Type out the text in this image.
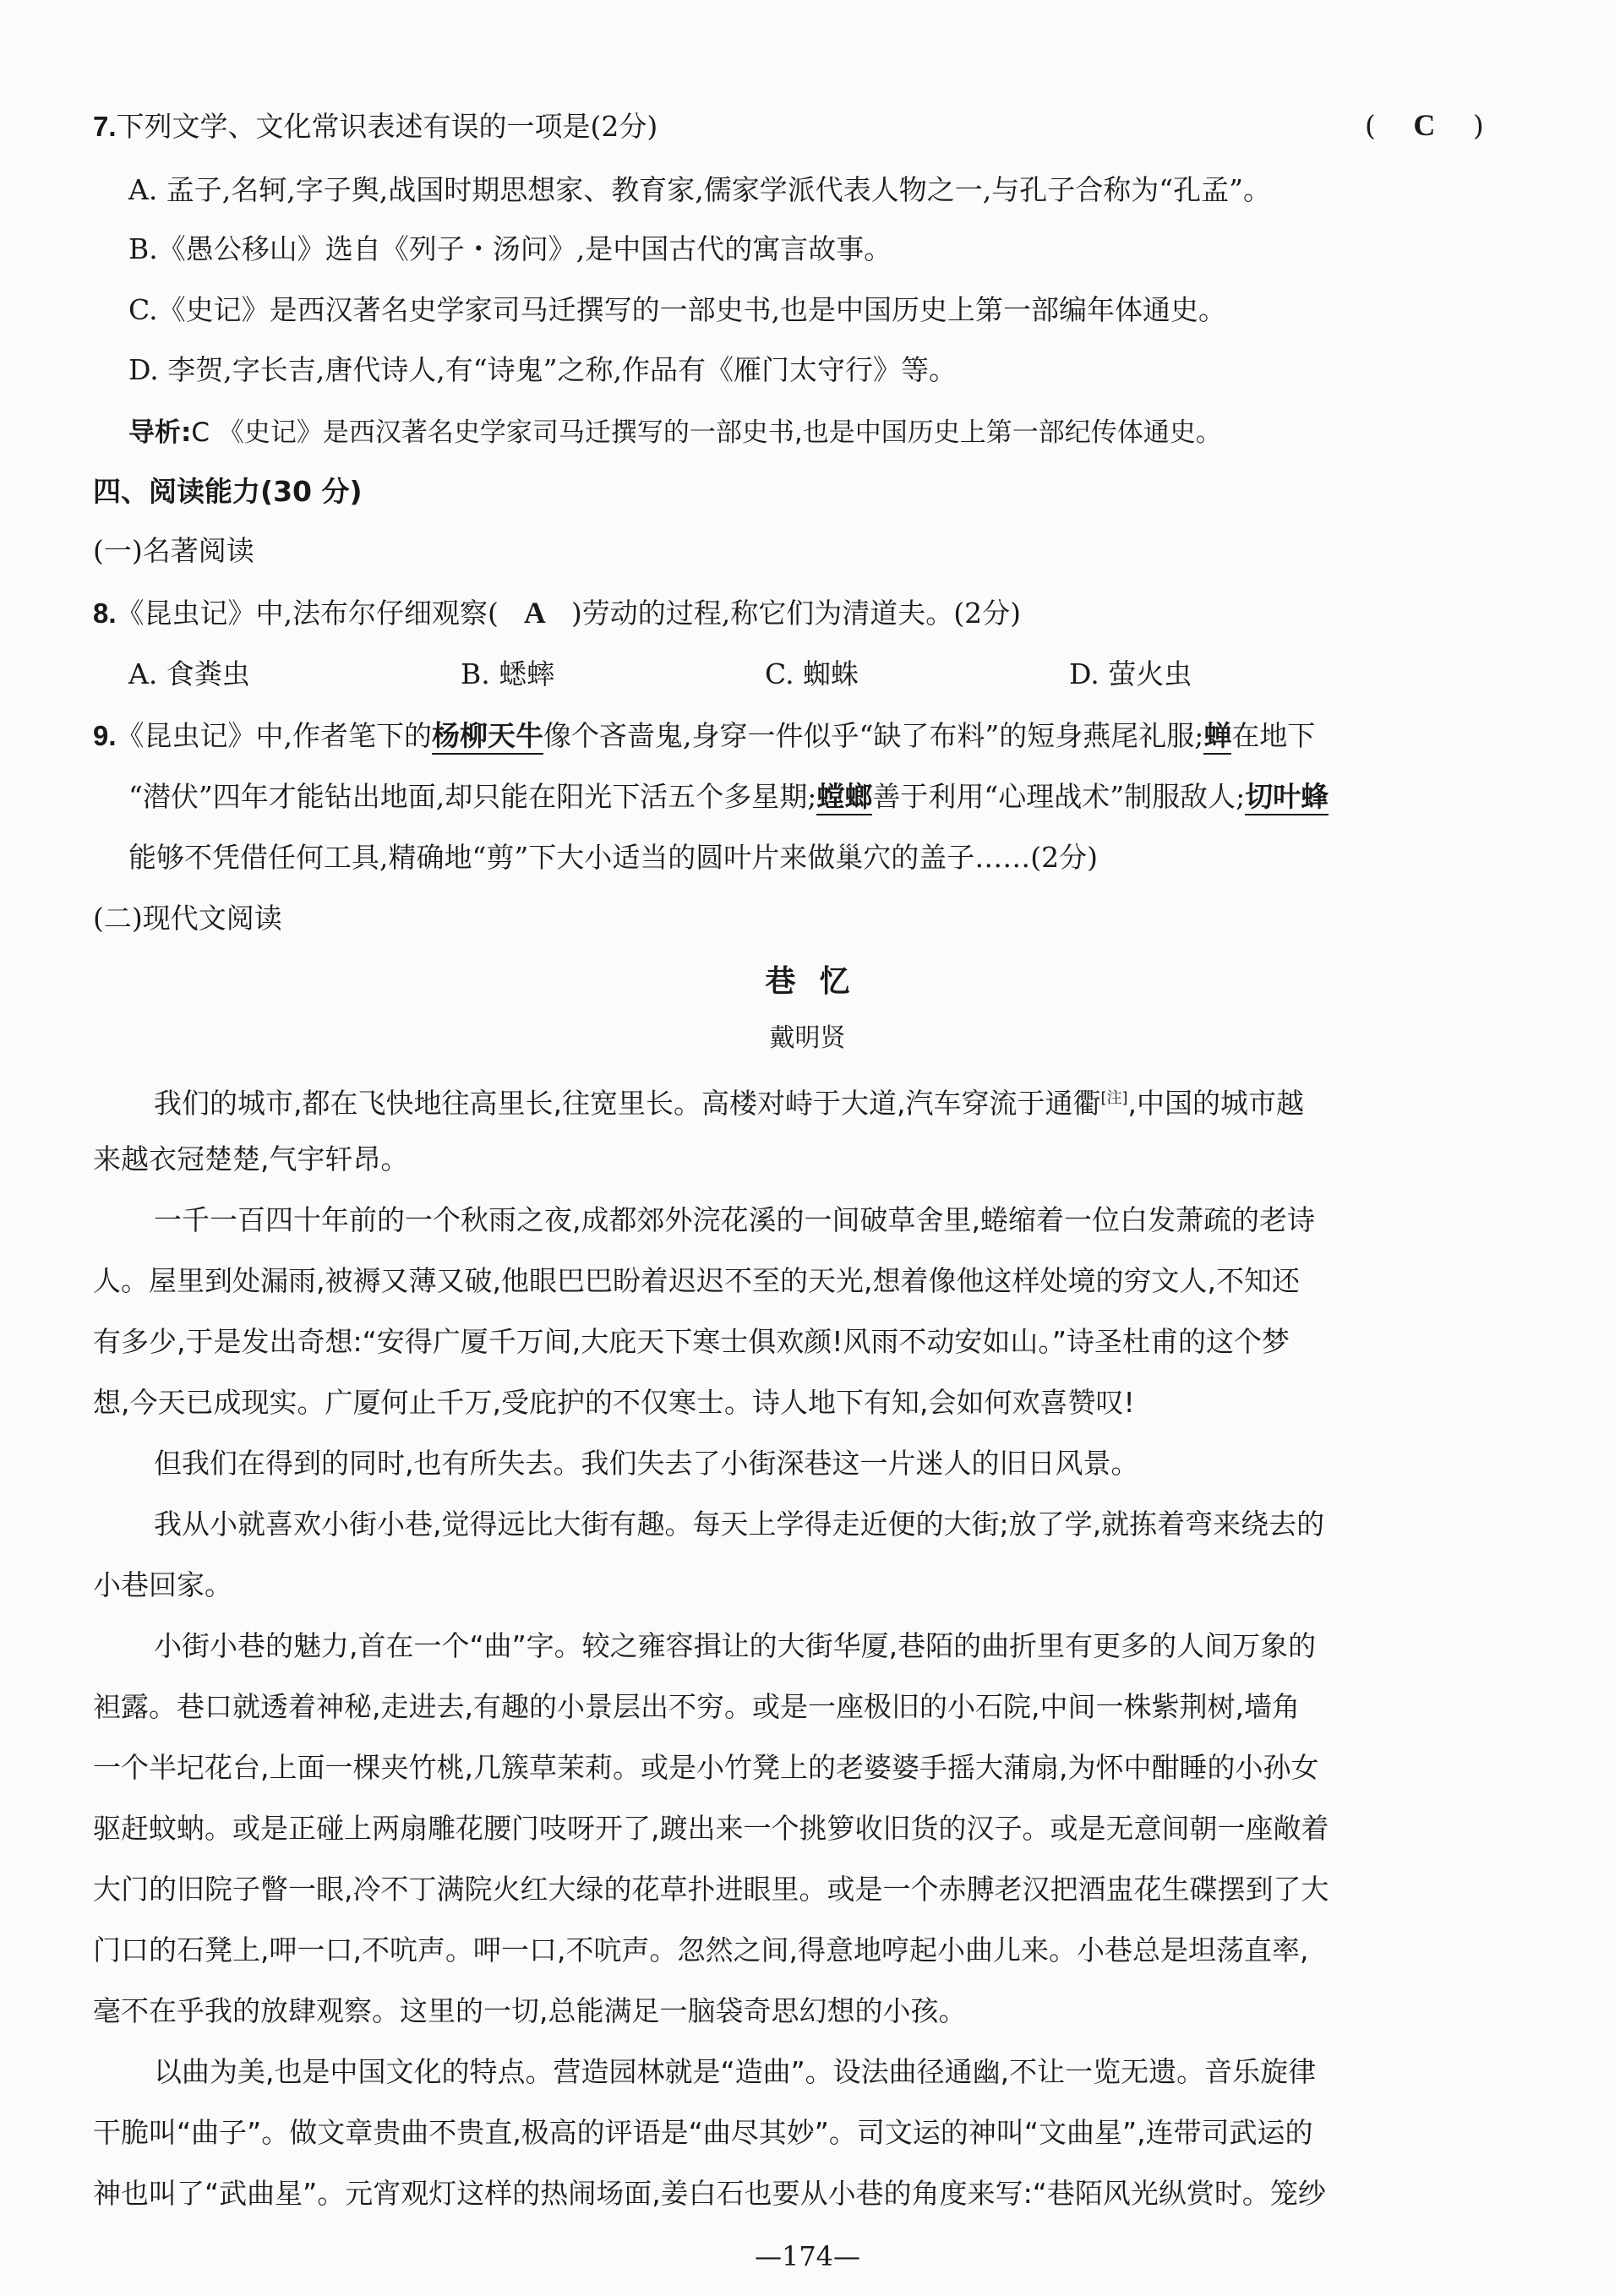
7.下列文学、文化常识表述有误的一项是(2分)	( C )
A. 孟子,名轲,字子舆,战国时期思想家、教育家,儒家学派代表人物之一,与孔子合称为“孔孟”。
B.《愚公移山》选自《列子・汤问》,是中国古代的寓言故事。
C.《史记》是西汉著名史学家司马迁撰写的一部史书,也是中国历史上第一部编年体通史。
D. 李贺,字长吉,唐代诗人,有“诗鬼”之称,作品有《雁门太守行》等。
导析:C 《史记》是西汉著名史学家司马迁撰写的一部史书,也是中国历史上第一部纪传体通史。
四、阅读能力(30 分)
(一)名著阅读
8.《昆虫记》中,法布尔仔细观察( A )劳动的过程,称它们为清道夫。(2分)
A. 食粪虫	B. 蟋蟀	C. 蜘蛛	D. 萤火虫
9.《昆虫记》中,作者笔下的杨柳天牛像个吝啬鬼,身穿一件似乎“缺了布料”的短身燕尾礼服;蝉在地下
“潜伏”四年才能钻出地面,却只能在阳光下活五个多星期;螳螂善于利用“心理战术”制服敌人;切叶蜂
能够不凭借任何工具,精确地“剪”下大小适当的圆叶片来做巢穴的盖子……(2分)
(二)现代文阅读
巷忆
戴明贤
我们的城市,都在飞快地往高里长,往宽里长。高楼对峙于大道,汽车穿流于通衢[注],中国的城市越
来越衣冠楚楚,气宇轩昂。
一千一百四十年前的一个秋雨之夜,成都郊外浣花溪的一间破草舍里,蜷缩着一位白发萧疏的老诗
人。屋里到处漏雨,被褥又薄又破,他眼巴巴盼着迟迟不至的天光,想着像他这样处境的穷文人,不知还
有多少,于是发出奇想:“安得广厦千万间,大庇天下寒士俱欢颜!风雨不动安如山。”诗圣杜甫的这个梦
想,今天已成现实。广厦何止千万,受庇护的不仅寒士。诗人地下有知,会如何欢喜赞叹!
但我们在得到的同时,也有所失去。我们失去了小街深巷这一片迷人的旧日风景。
我从小就喜欢小街小巷,觉得远比大街有趣。每天上学得走近便的大街;放了学,就拣着弯来绕去的
小巷回家。
小街小巷的魅力,首在一个“曲”字。较之雍容揖让的大街华厦,巷陌的曲折里有更多的人间万象的
袒露。巷口就透着神秘,走进去,有趣的小景层出不穷。或是一座极旧的小石院,中间一株紫荆树,墙角
一个半圮花台,上面一棵夹竹桃,几簇草茉莉。或是小竹凳上的老婆婆手摇大蒲扇,为怀中酣睡的小孙女
驱赶蚊蚋。或是正碰上两扇雕花腰门吱呀开了,踱出来一个挑箩收旧货的汉子。或是无意间朝一座敞着
大门的旧院子瞥一眼,冷不丁满院火红大绿的花草扑进眼里。或是一个赤膊老汉把酒盅花生碟摆到了大
门口的石凳上,呷一口,不吭声。呷一口,不吭声。忽然之间,得意地哼起小曲儿来。小巷总是坦荡直率,
毫不在乎我的放肆观察。这里的一切,总能满足一脑袋奇思幻想的小孩。
以曲为美,也是中国文化的特点。营造园林就是“造曲”。设法曲径通幽,不让一览无遗。音乐旋律
干脆叫“曲子”。做文章贵曲不贵直,极高的评语是“曲尽其妙”。司文运的神叫“文曲星”,连带司武运的
神也叫了“武曲星”。元宵观灯这样的热闹场面,姜白石也要从小巷的角度来写:“巷陌风光纵赏时。笼纱
—174—
